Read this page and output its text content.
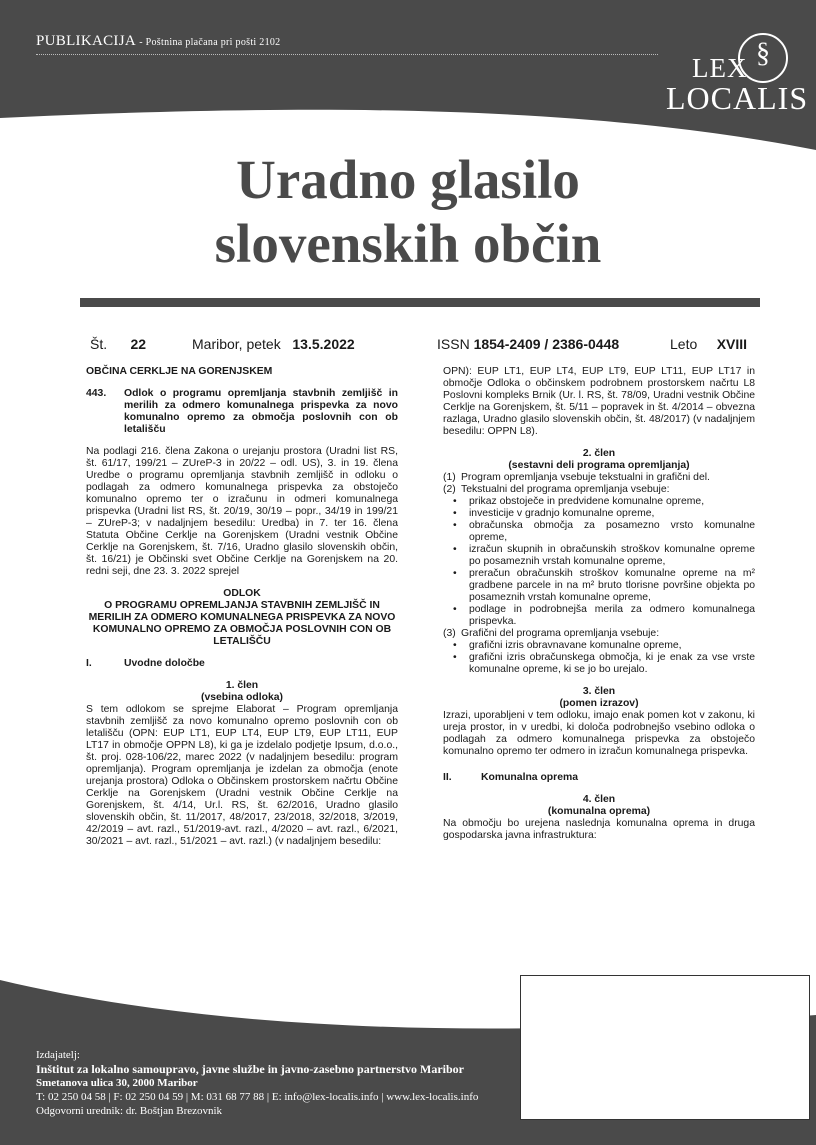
PUBLIKACIJA - Poštnina plačana pri pošti 2102	§
LEX
LOCALIS
Uradno glasilo
slovenskih občin
Št. 22	Maribor, petek 13.5.2022	ISSN 1854-2409 / 2386-0448	Leto XVIII

OBČINA CERKLJE NA GORENJSKEM

443.	Odlok o programu opremljanja stavbnih zemljišč in merilih za odmero komunalnega prispevka za novo komunalno opremo za območja poslovnih con ob letališču

Na podlagi 216. člena Zakona o urejanju prostora (Uradni list RS, št. 61/17, 199/21 – ZUreP-3 in 20/22 – odl. US), 3. in 19. člena Uredbe o programu opremljanja stavbnih zemljišč in odloku o podlagah za odmero komunalnega prispevka za obstoječo komunalno opremo ter o izračunu in odmeri komunalnega prispevka (Uradni list RS, št. 20/19, 30/19 – popr., 34/19 in 199/21 – ZUreP-3; v nadaljnjem besedilu: Uredba) in 7. ter 16. člena Statuta Občine Cerklje na Gorenjskem (Uradni vestnik Občine Cerklje na Gorenjskem, št. 7/16, Uradno glasilo slovenskih občin, št. 16/21) je Občinski svet Občine Cerklje na Gorenjskem na 20. redni seji, dne 23. 3. 2022 sprejel

ODLOK

O PROGRAMU OPREMLJANJA STAVBNIH ZEMLJIŠČ IN MERILIH ZA ODMERO KOMUNALNEGA PRISPEVKA ZA NOVO KOMUNALNO OPREMO ZA OBMOČJA POSLOVNIH CON OB LETALIŠČU

I.	Uvodne določbe

1. člen

(vsebina odloka)

S tem odlokom se sprejme Elaborat – Program opremljanja stavbnih zemljišč za novo komunalno opremo poslovnih con ob letališču (OPN: EUP LT1, EUP LT4, EUP LT9, EUP LT11, EUP LT17 in območje OPPN L8), ki ga je izdelalo podjetje Ipsum, d.o.o., št. proj. 028-106/22, marec 2022 (v nadaljnjem besedilu: program opremljanja). Program opremljanja je izdelan za območja (enote urejanja prostora) Odloka o Občinskem prostorskem načrtu Občine Cerklje na Gorenjskem (Uradni vestnik Občine Cerklje na Gorenjskem, št. 4/14, Ur.l. RS, št. 62/2016, Uradno glasilo slovenskih občin, št. 11/2017, 48/2017, 23/2018, 32/2018, 3/2019, 42/2019 – avt. razl., 51/2019-avt. razl., 4/2020 – avt. razl., 6/2021, 30/2021 – avt. razl., 51/2021 – avt. razl.) (v nadaljnjem besedilu:

OPN): EUP LT1, EUP LT4, EUP LT9, EUP LT11, EUP LT17 in območje Odloka o občinskem podrobnem prostorskem načrtu L8 Poslovni kompleks Brnik (Ur. l. RS, št. 78/09, Uradni vestnik Občine Cerklje na Gorenjskem, št. 5/11 – popravek in št. 4/2014 – obvezna razlaga, Uradno glasilo slovenskih občin, št. 48/2017) (v nadaljnjem besedilu: OPPN L8).

2. člen

(sestavni deli programa opremljanja)

(1) Program opremljanja vsebuje tekstualni in grafični del.
(2) Tekstualni del programa opremljanja vsebuje:
•	prikaz obstoječe in predvidene komunalne opreme,
•	investicije v gradnjo komunalne opreme,
•	obračunska območja za posamezno vrsto komunalne opreme,
•	izračun skupnih in obračunskih stroškov komunalne opreme po posameznih vrstah komunalne opreme,
•	preračun obračunskih stroškov komunalne opreme na m² gradbene parcele in na m² bruto tlorisne površine objekta po posameznih vrstah komunalne opreme,
•	podlage in podrobnejša merila za odmero komunalnega prispevka.
(3) Grafični del programa opremljanja vsebuje:
•	grafični izris obravnavane komunalne opreme,
•	grafični izris obračunskega območja, ki je enak za vse vrste komunalne opreme, ki se jo bo urejalo.

3. člen

(pomen izrazov)

Izrazi, uporabljeni v tem odloku, imajo enak pomen kot v zakonu, ki ureja prostor, in v uredbi, ki določa podrobnejšo vsebino odloka o podlagah za odmero komunalnega prispevka za obstoječo komunalno opremo ter odmero in izračun komunalnega prispevka.

II.	Komunalna oprema

4. člen

(komunalna oprema)

Na območju bo urejena naslednja komunalna oprema in druga gospodarska javna infrastruktura:

Izdajatelj:
Inštitut za lokalno samoupravo, javne službe in javno-zasebno partnerstvo Maribor
Smetanova ulica 30, 2000 Maribor
T: 02 250 04 58 | F: 02 250 04 59 | M: 031 68 77 88 | E: info@lex-localis.info | www.lex-localis.info
Odgovorni urednik: dr. Boštjan Brezovnik
